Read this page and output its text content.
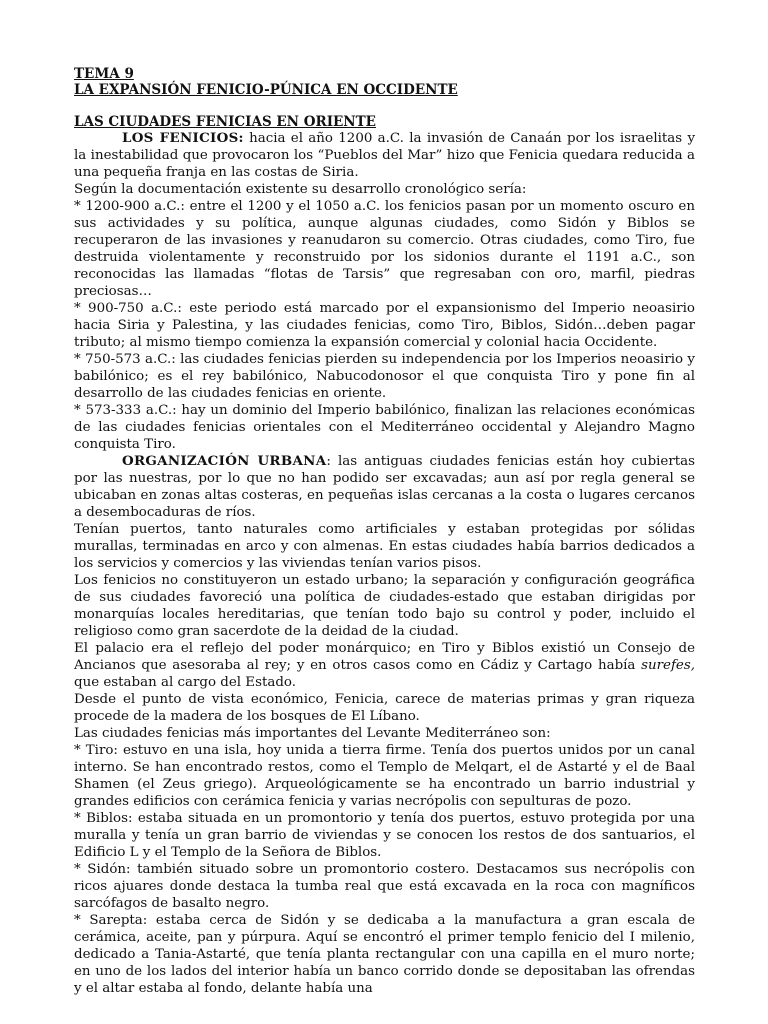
TEMA 9

LA EXPANSIÓN FENICIO-PÚNICA EN OCCIDENTE

LAS CIUDADES FENICIAS EN ORIENTE

LOS FENICIOS: hacia el año 1200 a.C. la invasión de Canaán por los israelitas y la inestabilidad que provocaron los “Pueblos del Mar” hizo que Fenicia quedara reducida a una pequeña franja en las costas de Siria.

Según la documentación existente su desarrollo cronológico sería:

* 1200-900 a.C.: entre el 1200 y el 1050 a.C. los fenicios pasan por un momento oscuro en sus actividades y su política, aunque algunas ciudades, como Sidón y Biblos se recuperaron de las invasiones y reanudaron su comercio. Otras ciudades, como Tiro, fue destruida violentamente y reconstruido por los sidonios durante el 1191 a.C., son reconocidas las llamadas “flotas de Tarsis” que regresaban con oro, marfil, piedras preciosas…

* 900-750 a.C.: este periodo está marcado por el expansionismo del Imperio neoasirio hacia Siria y Palestina, y las ciudades fenicias, como Tiro, Biblos, Sidón…deben pagar tributo; al mismo tiempo comienza la expansión comercial y colonial hacia Occidente.

* 750-573 a.C.: las ciudades fenicias pierden su independencia por los Imperios neoasirio y babilónico; es el rey babilónico, Nabucodonosor el que conquista Tiro y pone fin al desarrollo de las ciudades fenicias en oriente.

* 573-333 a.C.: hay un dominio del Imperio babilónico, finalizan las relaciones económicas de las ciudades fenicias orientales con el Mediterráneo occidental y Alejandro Magno conquista Tiro.

ORGANIZACIÓN URBANA: las antiguas ciudades fenicias están hoy cubiertas por las nuestras, por lo que no han podido ser excavadas; aun así por regla general se ubicaban en zonas altas costeras, en pequeñas islas cercanas a la costa o lugares cercanos a desembocaduras de ríos.

Tenían puertos, tanto naturales como artificiales y estaban protegidas por sólidas murallas, terminadas en arco y con almenas. En estas ciudades había barrios dedicados a los servicios y comercios y las viviendas tenían varios pisos.

Los fenicios no constituyeron un estado urbano; la separación y configuración geográfica de sus ciudades favoreció una política de ciudades-estado que estaban dirigidas por monarquías locales hereditarias, que tenían todo bajo su control y poder, incluido el religioso como gran sacerdote de la deidad de la ciudad.

El palacio era el reflejo del poder monárquico; en Tiro y Biblos existió un Consejo de Ancianos que asesoraba al rey; y en otros casos como en Cádiz y Cartago había surefes, que estaban al cargo del Estado.

Desde el punto de vista económico, Fenicia, carece de materias primas y gran riqueza procede de la madera de los bosques de El Líbano.

Las ciudades fenicias más importantes del Levante Mediterráneo son:

* Tiro: estuvo en una isla, hoy unida a tierra firme. Tenía dos puertos unidos por un canal interno. Se han encontrado restos, como el Templo de Melqart, el de Astarté y el de Baal Shamen (el Zeus griego). Arqueológicamente se ha encontrado un barrio industrial y grandes edificios con cerámica fenicia y varias necrópolis con sepulturas de pozo.

* Biblos: estaba situada en un promontorio y tenía dos puertos, estuvo protegida por una muralla y tenía un gran barrio de viviendas y se conocen los restos de dos santuarios, el Edificio L y el Templo de la Señora de Biblos.

* Sidón: también situado sobre un promontorio costero. Destacamos sus necrópolis con ricos ajuares donde destaca la tumba real que está excavada en la roca con magníficos sarcófagos de basalto negro.

* Sarepta: estaba cerca de Sidón y se dedicaba a la manufactura a gran escala de cerámica, aceite, pan y púrpura. Aquí se encontró el primer templo fenicio del I milenio, dedicado a Tania-Astarté, que tenía planta rectangular con una capilla en el muro norte; en uno de los lados del interior había un banco corrido donde se depositaban las ofrendas y el altar estaba al fondo, delante había una
